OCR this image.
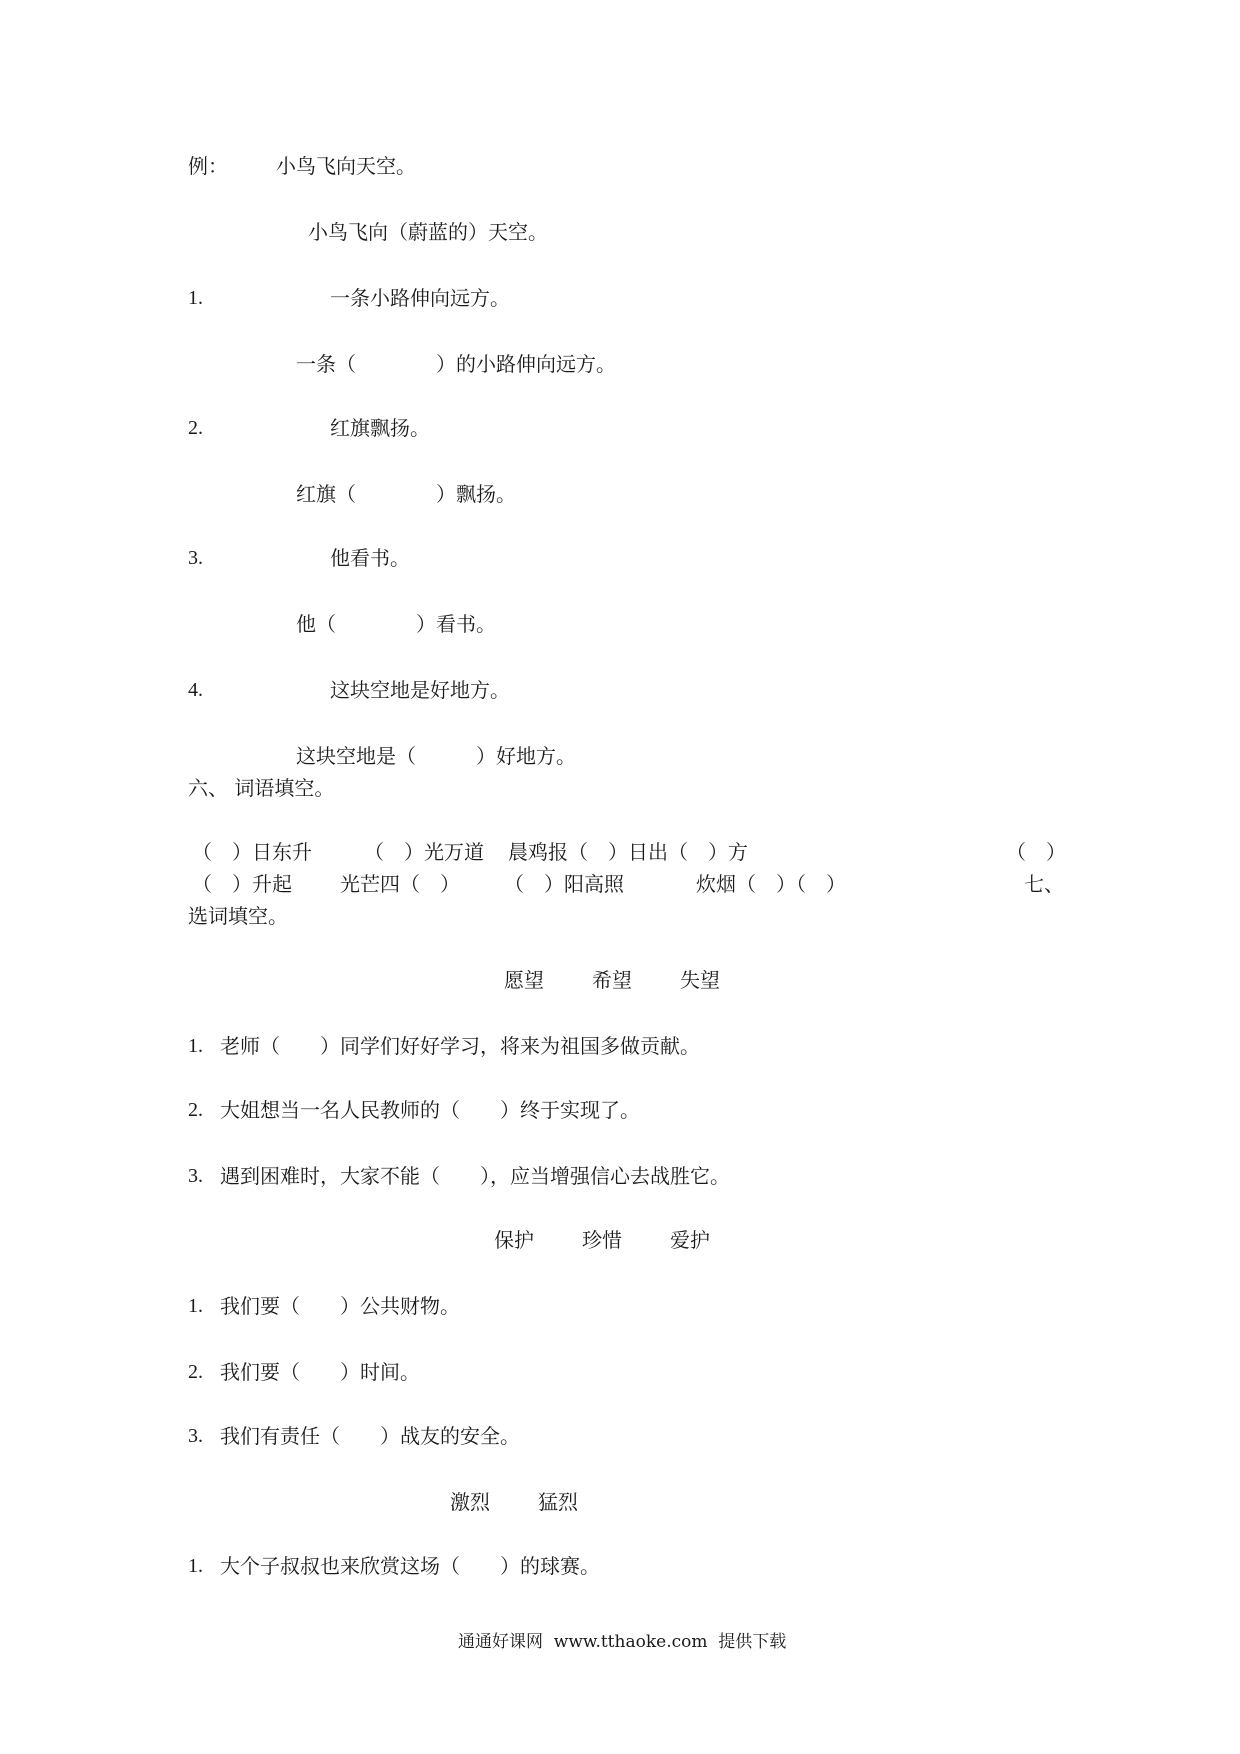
例： 小鸟飞向天空。
小鸟飞向（蔚蓝的）天空。
1.	一条小路伸向远方。
一条（　　　　）的小路伸向远方。
2.	红旗飘扬。
红旗（　　　　）飘扬。
3.	他看书。
他（　　　　）看书。
4.	这块空地是好地方。
这块空地是（　　　）好地方。
六、 词语填空。
（　）日东升	（　）光万道 晨鸡报（　）日出（　）方	（　）
（　）升起 光芒四（　） （　）阳高照	炊烟（　）（　）	七、
选词填空。
愿望 希望 失望
1. 老师（　　）同学们好好学习，将来为祖国多做贡献。
2. 大姐想当一名人民教师的（　　）终于实现了。
3. 遇到困难时，大家不能（　　），应当增强信心去战胜它。
保护 珍惜 爱护
1. 我们要（　　）公共财物。
2. 我们要（　　）时间。
3. 我们有责任（　　）战友的安全。
激烈 猛烈
1. 大个子叔叔也来欣赏这场（　　）的球赛。
通通好课网  www.tthaoke.com  提供下载
